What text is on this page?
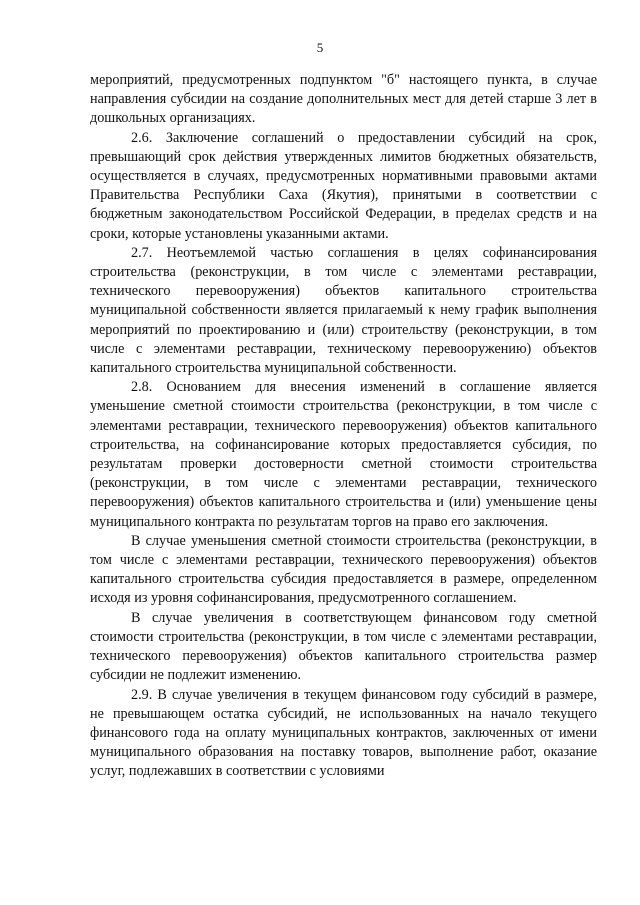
5

мероприятий, предусмотренных подпунктом "б" настоящего пункта, в случае направления субсидии на создание дополнительных мест для детей старше 3 лет в дошкольных организациях.

2.6. Заключение соглашений о предоставлении субсидий на срок, превышающий срок действия утвержденных лимитов бюджетных обязательств, осуществляется в случаях, предусмотренных нормативными правовыми актами Правительства Республики Саха (Якутия), принятыми в соответствии с бюджетным законодательством Российской Федерации, в пределах средств и на сроки, которые установлены указанными актами.

2.7. Неотъемлемой частью соглашения в целях софинансирования строительства (реконструкции, в том числе с элементами реставрации, технического перевооружения) объектов капитального строительства муниципальной собственности является прилагаемый к нему график выполнения мероприятий по проектированию и (или) строительству (реконструкции, в том числе с элементами реставрации, техническому перевооружению) объектов капитального строительства муниципальной собственности.

2.8. Основанием для внесения изменений в соглашение является уменьшение сметной стоимости строительства (реконструкции, в том числе с элементами реставрации, технического перевооружения) объектов капитального строительства, на софинансирование которых предоставляется субсидия, по результатам проверки достоверности сметной стоимости строительства (реконструкции, в том числе с элементами реставрации, технического перевооружения) объектов капитального строительства и (или) уменьшение цены муниципального контракта по результатам торгов на право его заключения.

В случае уменьшения сметной стоимости строительства (реконструкции, в том числе с элементами реставрации, технического перевооружения) объектов капитального строительства субсидия предоставляется в размере, определенном исходя из уровня софинансирования, предусмотренного соглашением.

В случае увеличения в соответствующем финансовом году сметной стоимости строительства (реконструкции, в том числе с элементами реставрации, технического перевооружения) объектов капитального строительства размер субсидии не подлежит изменению.

2.9. В случае увеличения в текущем финансовом году субсидий в размере, не превышающем остатка субсидий, не использованных на начало текущего финансового года на оплату муниципальных контрактов, заключенных от имени муниципального образования на поставку товаров, выполнение работ, оказание услуг, подлежавших в соответствии с условиями
